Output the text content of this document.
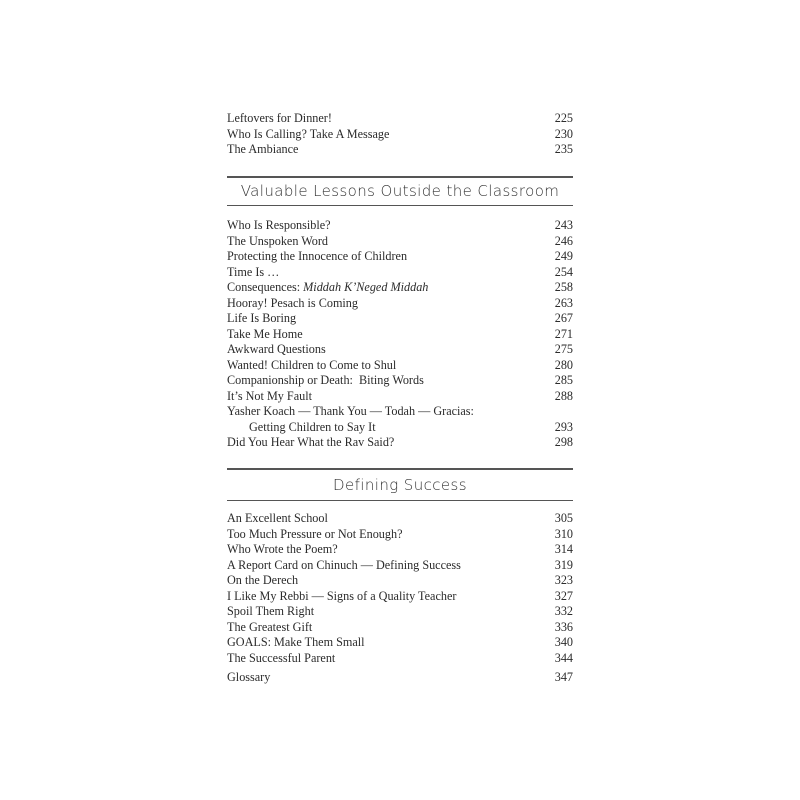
Leftovers for Dinner!	225
Who Is Calling? Take A Message	230
The Ambiance	235
Valuable Lessons Outside the Classroom
Who Is Responsible?	243
The Unspoken Word	246
Protecting the Innocence of Children	249
Time Is …	254
Consequences: Middah K’Neged Middah	258
Hooray! Pesach is Coming	263
Life Is Boring	267
Take Me Home	271
Awkward Questions	275
Wanted! Children to Come to Shul	280
Companionship or Death:  Biting Words	285
It’s Not My Fault	288
Yasher Koach — Thank You — Todah — Gracias:
Getting Children to Say It	293
Did You Hear What the Rav Said?	298
Defining Success
An Excellent School	305
Too Much Pressure or Not Enough?	310
Who Wrote the Poem?	314
A Report Card on Chinuch — Defining Success	319
On the Derech	323
I Like My Rebbi — Signs of a Quality Teacher	327
Spoil Them Right	332
The Greatest Gift	336
GOALS: Make Them Small	340
The Successful Parent	344
Glossary	347
